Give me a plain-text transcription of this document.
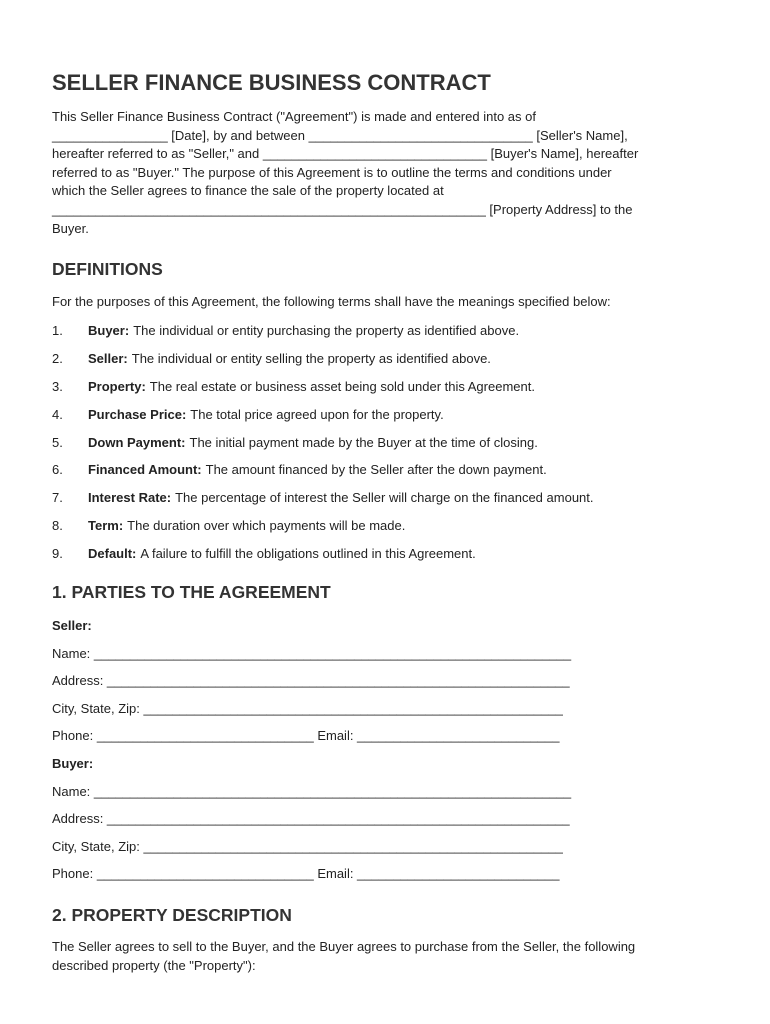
SELLER FINANCE BUSINESS CONTRACT

This Seller Finance Business Contract ("Agreement") is made and entered into as of
________________ [Date], by and between _______________________________ [Seller's Name],
hereafter referred to as "Seller," and _______________________________ [Buyer's Name], hereafter
referred to as "Buyer." The purpose of this Agreement is to outline the terms and conditions under
which the Seller agrees to finance the sale of the property located at
____________________________________________________________ [Property Address] to the
Buyer.

DEFINITIONS

For the purposes of this Agreement, the following terms shall have the meanings specified below:

1.	Buyer: The individual or entity purchasing the property as identified above.
2.	Seller: The individual or entity selling the property as identified above.
3.	Property: The real estate or business asset being sold under this Agreement.
4.	Purchase Price: The total price agreed upon for the property.
5.	Down Payment: The initial payment made by the Buyer at the time of closing.
6.	Financed Amount: The amount financed by the Seller after the down payment.
7.	Interest Rate: The percentage of interest the Seller will charge on the financed amount.
8.	Term: The duration over which payments will be made.
9.	Default: A failure to fulfill the obligations outlined in this Agreement.
1. PARTIES TO THE AGREEMENT
Seller:
Name: __________________________________________________________________
Address: ________________________________________________________________
City, State, Zip: __________________________________________________________
Phone: ______________________________ Email: ____________________________
Buyer:
Name: __________________________________________________________________
Address: ________________________________________________________________
City, State, Zip: __________________________________________________________
Phone: ______________________________ Email: ____________________________
2. PROPERTY DESCRIPTION

The Seller agrees to sell to the Buyer, and the Buyer agrees to purchase from the Seller, the following
described property (the "Property"):
